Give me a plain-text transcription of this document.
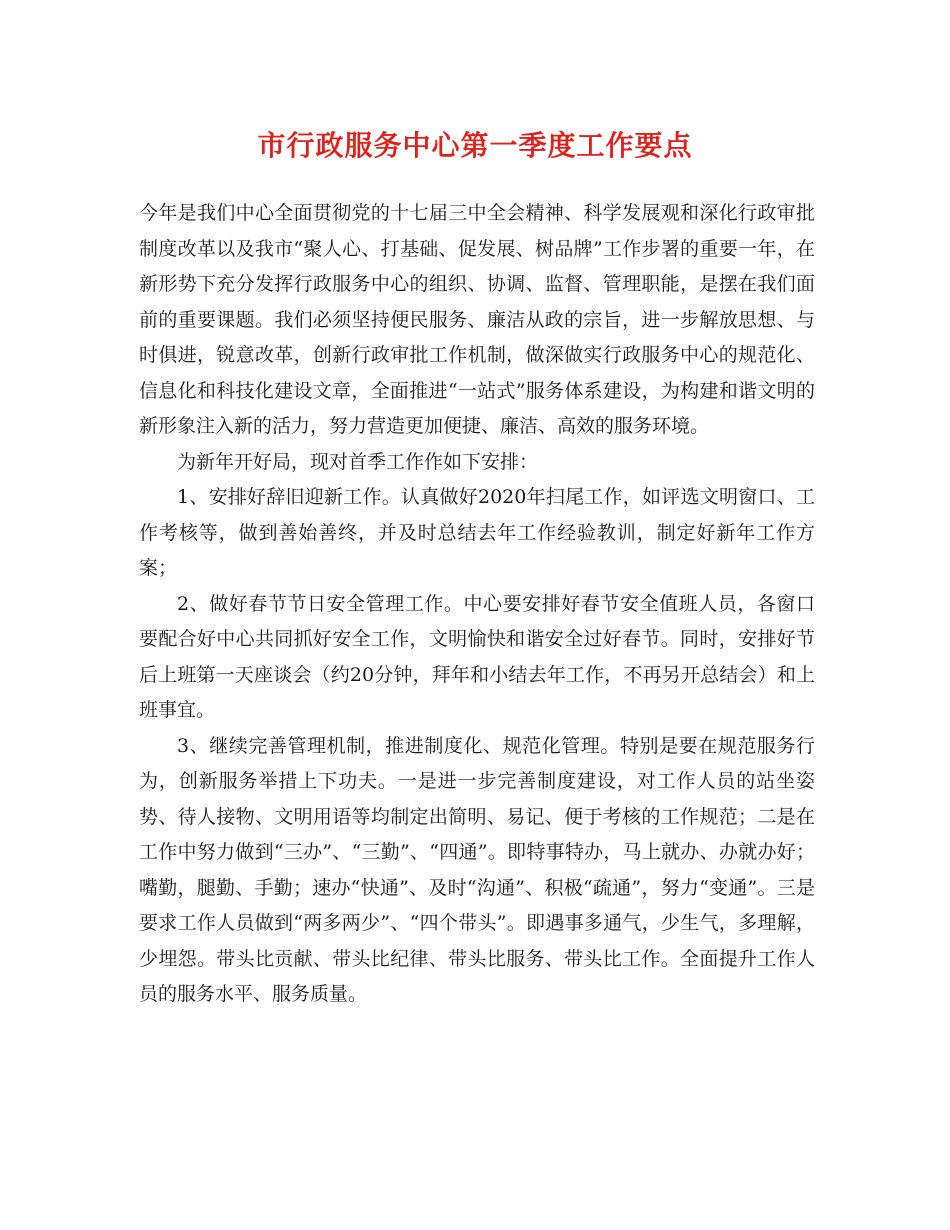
市行政服务中心第一季度工作要点

今年是我们中心全面贯彻党的十七届三中全会精神、科学发展观和深化行政审批制度改革以及我市“聚人心、打基础、促发展、树品牌”工作步署的重要一年，在新形势下充分发挥行政服务中心的组织、协调、监督、管理职能，是摆在我们面前的重要课题。我们必须坚持便民服务、廉洁从政的宗旨，进一步解放思想、与时俱进，锐意改革，创新行政审批工作机制，做深做实行政服务中心的规范化、信息化和科技化建设文章，全面推进“一站式”服务体系建设，为构建和谐文明的新形象注入新的活力，努力营造更加便捷、廉洁、高效的服务环境。

为新年开好局，现对首季工作作如下安排：

1、安排好辞旧迎新工作。认真做好2020年扫尾工作，如评选文明窗口、工作考核等，做到善始善终，并及时总结去年工作经验教训，制定好新年工作方案；

2、做好春节节日安全管理工作。中心要安排好春节安全值班人员，各窗口要配合好中心共同抓好安全工作，文明愉快和谐安全过好春节。同时，安排好节后上班第一天座谈会（约20分钟，拜年和小结去年工作，不再另开总结会）和上班事宜。

3、继续完善管理机制，推进制度化、规范化管理。特别是要在规范服务行为，创新服务举措上下功夫。一是进一步完善制度建设，对工作人员的站坐姿势、待人接物、文明用语等均制定出简明、易记、便于考核的工作规范；二是在工作中努力做到“三办”、“三勤”、“四通”。即特事特办，马上就办、办就办好；嘴勤，腿勤、手勤；速办“快通”、及时“沟通”、积极“疏通”，努力“变通”。三是要求工作人员做到“两多两少”、“四个带头”。即遇事多通气，少生气，多理解，少埋怨。带头比贡献、带头比纪律、带头比服务、带头比工作。全面提升工作人员的服务水平、服务质量。
